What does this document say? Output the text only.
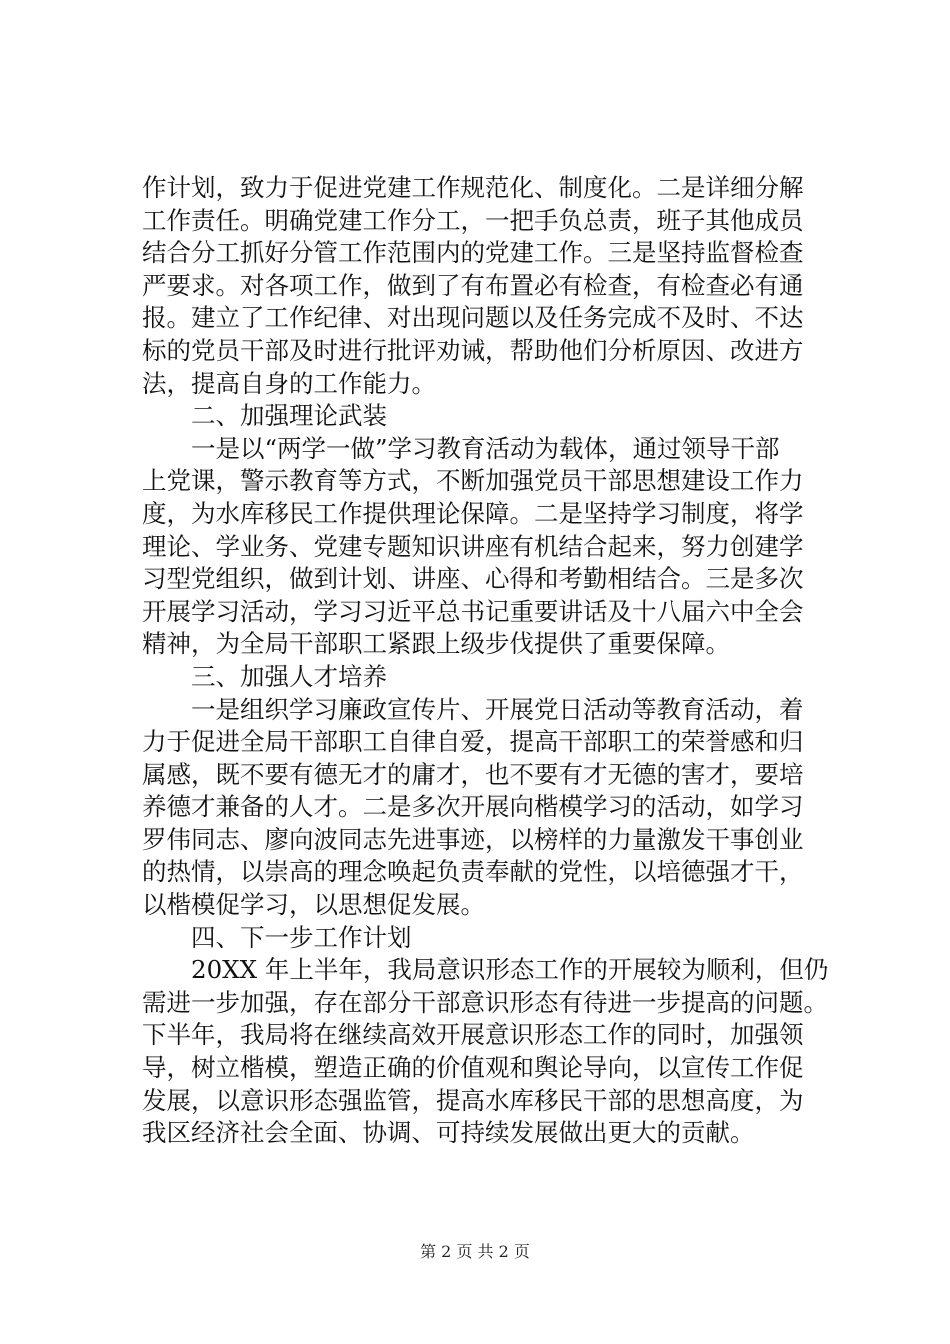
作计划，致力于促进党建工作规范化、制度化。二是详细分解
工作责任。明确党建工作分工，一把手负总责，班子其他成员
结合分工抓好分管工作范围内的党建工作。三是坚持监督检查
严要求。对各项工作，做到了有布置必有检查，有检查必有通
报。建立了工作纪律、对出现问题以及任务完成不及时、不达
标的党员干部及时进行批评劝诫，帮助他们分析原因、改进方
法，提高自身的工作能力。
二、加强理论武装
一是以“两学一做”学习教育活动为载体，通过领导干部
上党课，警示教育等方式，不断加强党员干部思想建设工作力
度，为水库移民工作提供理论保障。二是坚持学习制度，将学
理论、学业务、党建专题知识讲座有机结合起来，努力创建学
习型党组织，做到计划、讲座、心得和考勤相结合。三是多次
开展学习活动，学习习近平总书记重要讲话及十八届六中全会
精神，为全局干部职工紧跟上级步伐提供了重要保障。
三、加强人才培养
一是组织学习廉政宣传片、开展党日活动等教育活动，着
力于促进全局干部职工自律自爱，提高干部职工的荣誉感和归
属感，既不要有德无才的庸才，也不要有才无德的害才，要培
养德才兼备的人才。二是多次开展向楷模学习的活动，如学习
罗伟同志、廖向波同志先进事迹，以榜样的力量激发干事创业
的热情，以崇高的理念唤起负责奉献的党性，以培德强才干，
以楷模促学习，以思想促发展。
四、下一步工作计划
20XX 年上半年，我局意识形态工作的开展较为顺利，但仍
需进一步加强，存在部分干部意识形态有待进一步提高的问题。
下半年，我局将在继续高效开展意识形态工作的同时，加强领
导，树立楷模，塑造正确的价值观和舆论导向，以宣传工作促
发展，以意识形态强监管，提高水库移民干部的思想高度，为
我区经济社会全面、协调、可持续发展做出更大的贡献。
第 2 页 共 2 页
